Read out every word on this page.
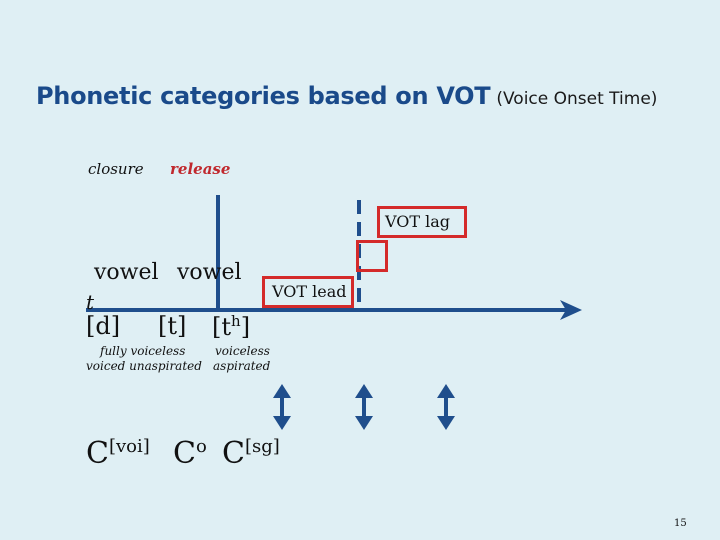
Phonetic categories based on VOT (Voice Onset Time)
closure release
VOT lag
VOT lead
vowel vowel
t
[d] [t] $[t^h]$
fully voiceless
voiced unaspirated
voiceless
aspirated
C[voi] $C^o$ C[sg]
15
